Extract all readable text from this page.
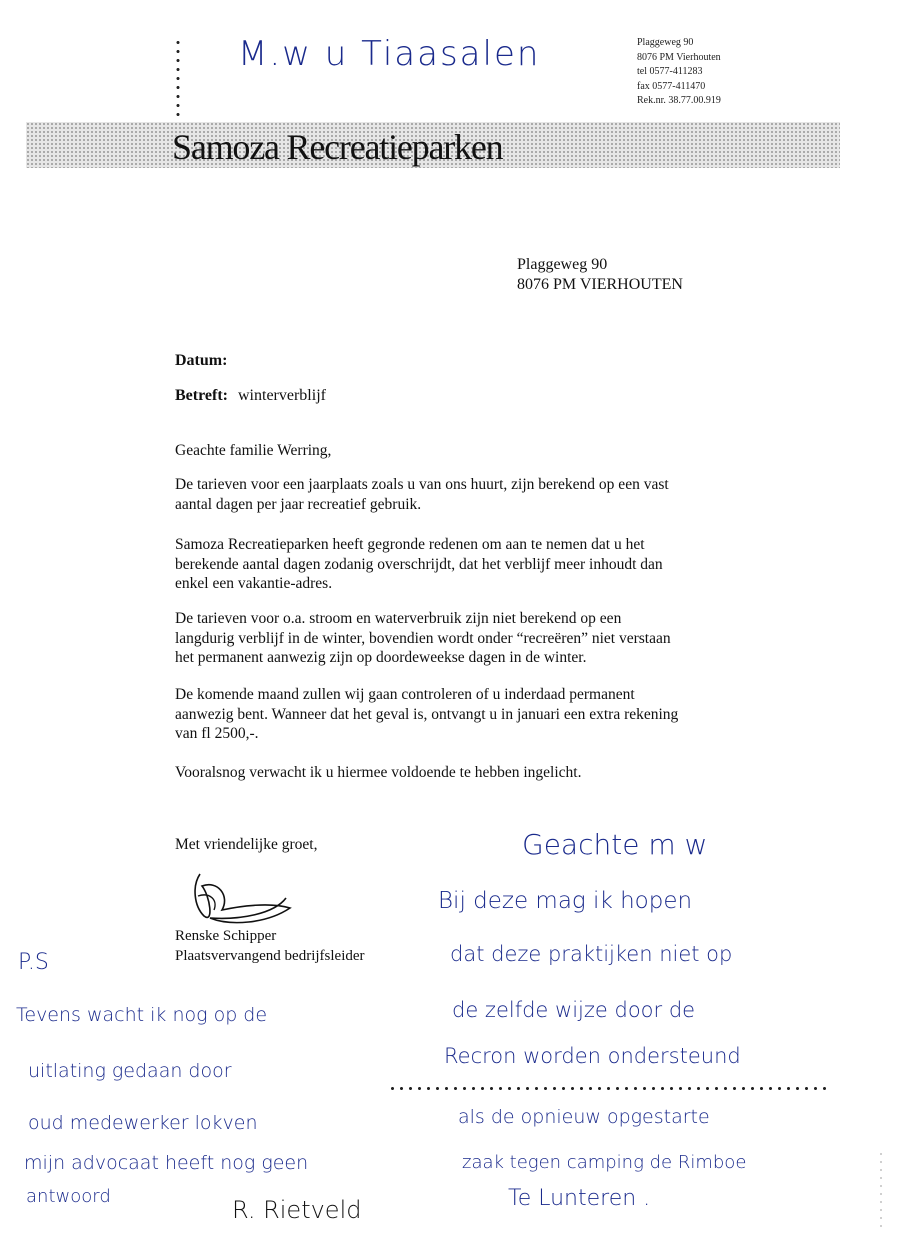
M.w u Tiaasalen	Plaggeweg 90
8076 PM Vierhouten
tel 0577-411283
fax 0577-411470
Rek.nr. 38.77.00.919
Samoza Recreatieparken
Plaggeweg 90
8076 PM VIERHOUTEN
Datum:
Betreft: winterverblijf
Geachte familie Werring,

De tarieven voor een jaarplaats zoals u van ons huurt, zijn berekend op een vast

aantal dagen per jaar recreatief gebruik.

Samoza Recreatieparken heeft gegronde redenen om aan te nemen dat u het

berekende aantal dagen zodanig overschrijdt, dat het verblijf meer inhoudt dan

enkel een vakantie-adres.

De tarieven voor o.a. stroom en waterverbruik zijn niet berekend op een

langdurig verblijf in de winter, bovendien wordt onder “recreëren” niet verstaan

het permanent aanwezig zijn op doordeweekse dagen in de winter.

De komende maand zullen wij gaan controleren of u inderdaad permanent

aanwezig bent. Wanneer dat het geval is, ontvangt u in januari een extra rekening

van fl 2500,-.

Vooralsnog verwacht ik u hiermee voldoende te hebben ingelicht.

Met vriendelijke groet,
Renske Schipper
Plaatsvervangend bedrijfsleider
P.S
Tevens wacht ik nog op de
uitlating gedaan door
oud medewerker lokven
mijn advocaat heeft nog geen
antwoord	R. Rietveld
Geachte m w
Bij deze mag ik hopen
dat deze praktijken niet op
de zelfde wijze door de
Recron worden ondersteund
als de opnieuw opgestarte
zaak tegen camping de Rimboe
Te Lunteren .
